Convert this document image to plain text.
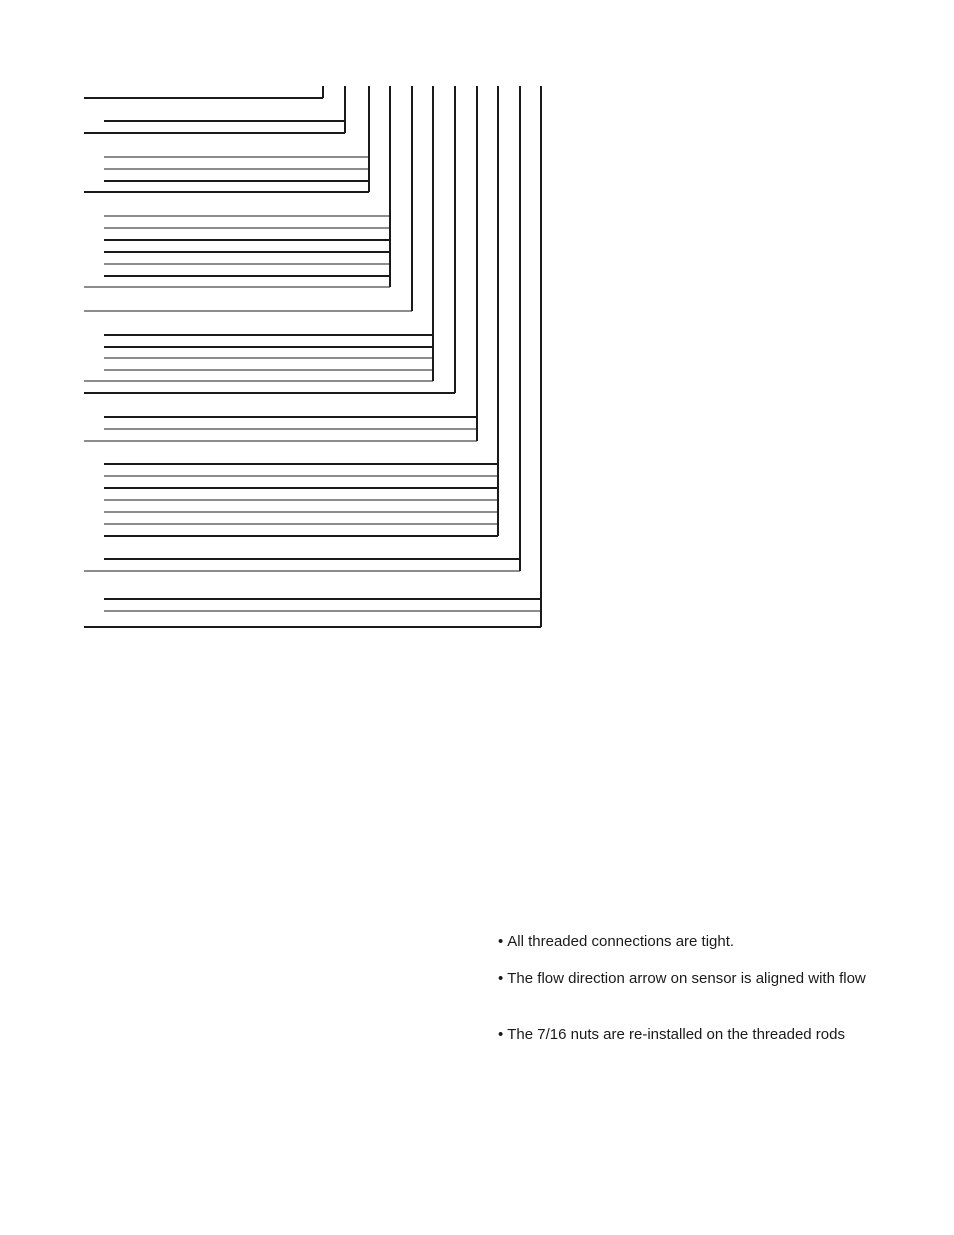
• All threaded connections are tight.
• The flow direction arrow on sensor is aligned with flow
• The 7/16 nuts are re-installed on the threaded rods
